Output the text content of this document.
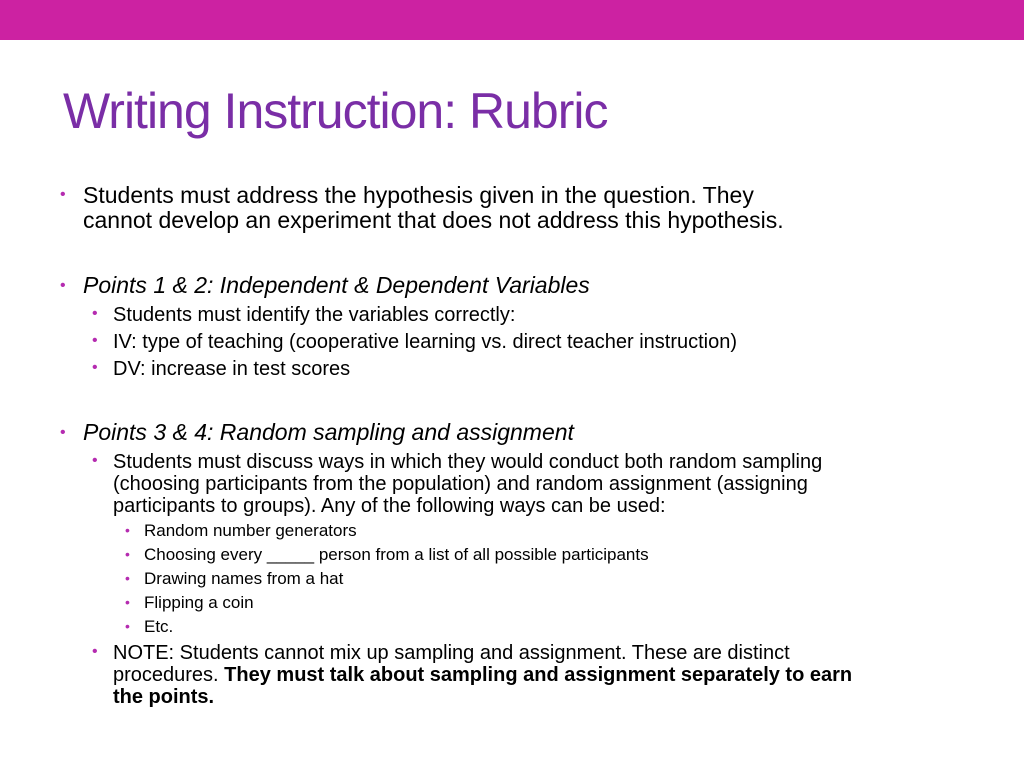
Writing Instruction: Rubric
• Students must address the hypothesis given in the question. They
cannot develop an experiment that does not address this hypothesis.
• Points 1 & 2: Independent & Dependent Variables
• Students must identify the variables correctly:
• IV: type of teaching (cooperative learning vs. direct teacher instruction)
• DV: increase in test scores
• Points 3 & 4: Random sampling and assignment
• Students must discuss ways in which they would conduct both random sampling
(choosing participants from the population) and random assignment (assigning
participants to groups). Any of the following ways can be used:
• Random number generators
• Choosing every _____ person from a list of all possible participants
• Drawing names from a hat
• Flipping a coin
• Etc.
• NOTE: Students cannot mix up sampling and assignment. These are distinct
procedures. They must talk about sampling and assignment separately to earn
the points.
